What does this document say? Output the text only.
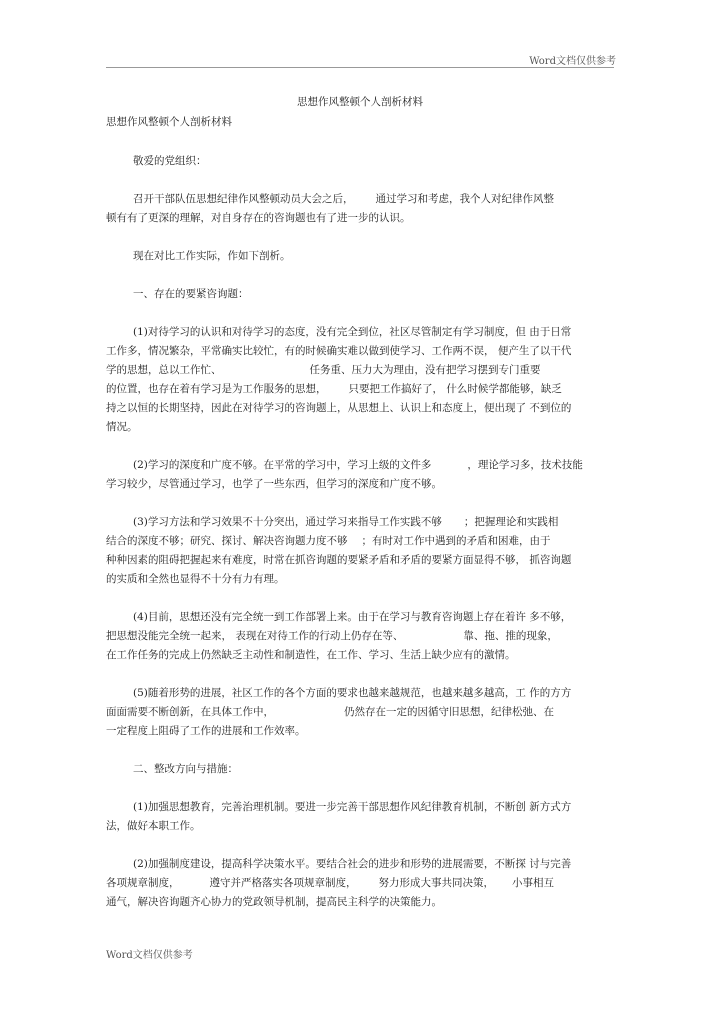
Word文档仅供参考
思想作风整顿个人剖析材料
思想作风整顿个人剖析材料

敬爱的党组织：

召开干部队伍思想纪律作风整顿动员大会之后， 通过学习和考虑，我个人对纪律作风整
顿有有了更深的理解，对自身存在的咨询题也有了进一步的认识。

现在对比工作实际，作如下剖析。

一、存在的要紧咨询题：

(1)对待学习的认识和对待学习的态度，没有完全到位，社区尽管制定有学习制度，但 由于日常
工作多，情况繁杂，平常确实比较忙，有的时候确实难以做到使学习、工作两不误， 便产生了以干代
学的思想，总以工作忙、	任务重、压力大为理由，没有把学习摆到专门重要
的位置，也存在着有学习是为工作服务的思想， 只要把工作搞好了， 什么时候学都能够，缺乏
持之以恒的长期坚持，因此在对待学习的咨询题上，从思想上、认识上和态度上，便出现了 不到位的
情况。

(2)学习的深度和广度不够。在平常的学习中，学习上级的文件多	，理论学习多，技术技能
学习较少，尽管通过学习，也学了一些东西，但学习的深度和广度不够。

(3)学习方法和学习效果不十分突出，通过学习来指导工作实践不够 ；把握理论和实践相
结合的深度不够；研究、探讨、解决咨询题力度不够 ；有时对工作中遇到的矛盾和困难，由于
种种因素的阻碍把握起来有难度，时常在抓咨询题的要紧矛盾和矛盾的要紧方面显得不够， 抓咨询题
的实质和全然也显得不十分有力有理。

(4)目前，思想还没有完全统一到工作部署上来。由于在学习与教育咨询题上存在着许 多不够，
把思想没能完全统一起来， 表现在对待工作的行动上仍存在等、	靠、拖、推的现象，
在工作任务的完成上仍然缺乏主动性和制造性，在工作、学习、生活上缺少应有的激情。

(5)随着形势的进展，社区工作的各个方面的要求也越来越规范，也越来越多越高，工 作的方方
面面需要不断创新，在具体工作中，	仍然存在一定的因循守旧思想，纪律松弛、在
一定程度上阻碍了工作的进展和工作效率。

二、整改方向与措施：

(1)加强思想教育，完善治理机制。要进一步完善干部思想作风纪律教育机制，不断创 新方式方
法，做好本职工作。

(2)加强制度建设，提高科学决策水平。要结合社会的进步和形势的进展需要，不断探 讨与完善
各项规章制度，	遵守并严格落实各项规章制度， 努力形成大事共同决策， 小事相互
通气，解决咨询题齐心协力的党政领导机制，提高民主科学的决策能力。

Word文档仅供参考
